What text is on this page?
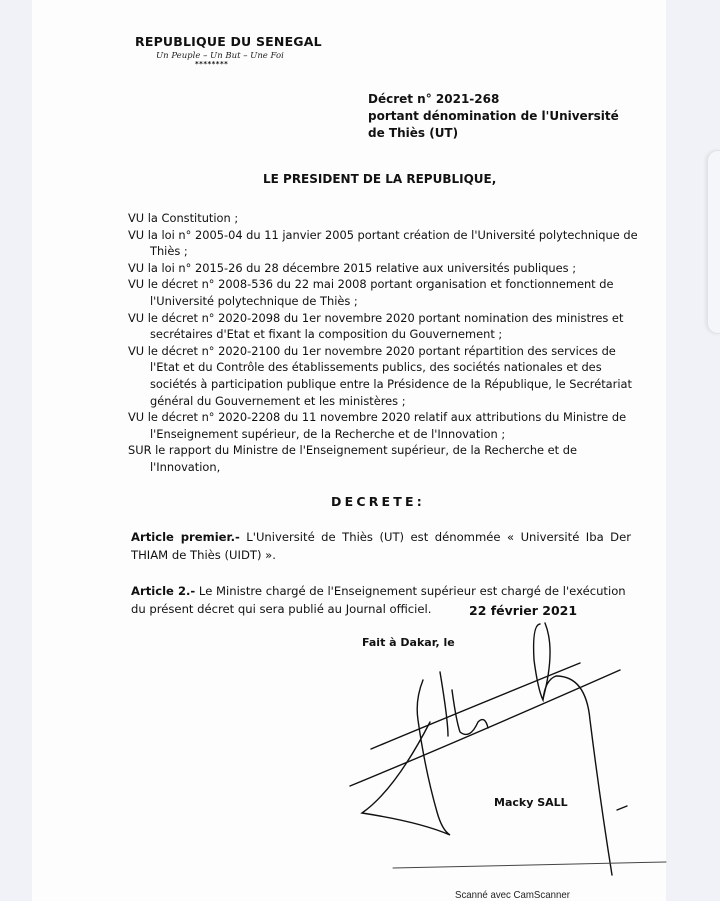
REPUBLIQUE DU SENEGAL
Un Peuple – Un But – Une Foi
********
Décret n° 2021-268
portant dénomination de l'Université
de Thiès (UT)
LE PRESIDENT DE LA REPUBLIQUE,
VU la Constitution ;
VU la loi n° 2005-04 du 11 janvier 2005 portant création de l'Université polytechnique de Thiès ;
VU la loi n° 2015-26 du 28 décembre 2015 relative aux universités publiques ;
VU le décret n° 2008-536 du 22 mai 2008 portant organisation et fonctionnement de l'Université polytechnique de Thiès ;
VU le décret n° 2020-2098 du 1er novembre 2020 portant nomination des ministres et secrétaires d'Etat et fixant la composition du Gouvernement ;
VU le décret n° 2020-2100 du 1er novembre 2020 portant répartition des services de l'Etat et du Contrôle des établissements publics, des sociétés nationales et des sociétés à participation publique entre la Présidence de la République, le Secrétariat général du Gouvernement et les ministères ;
VU le décret n° 2020-2208 du 11 novembre 2020 relatif aux attributions du Ministre de l'Enseignement supérieur, de la Recherche et de l'Innovation ;
SUR le rapport du Ministre de l'Enseignement supérieur, de la Recherche et de l'Innovation,
DECRETE:
Article premier.- L'Université de Thiès (UT) est dénommée « Université Iba Der THIAM de Thiès (UIDT) ».
Article 2.- Le Ministre chargé de l'Enseignement supérieur est chargé de l'exécution du présent décret qui sera publié au Journal officiel.	22 février 2021
Fait à Dakar, le
Macky SALL
Scanné avec CamScanner
